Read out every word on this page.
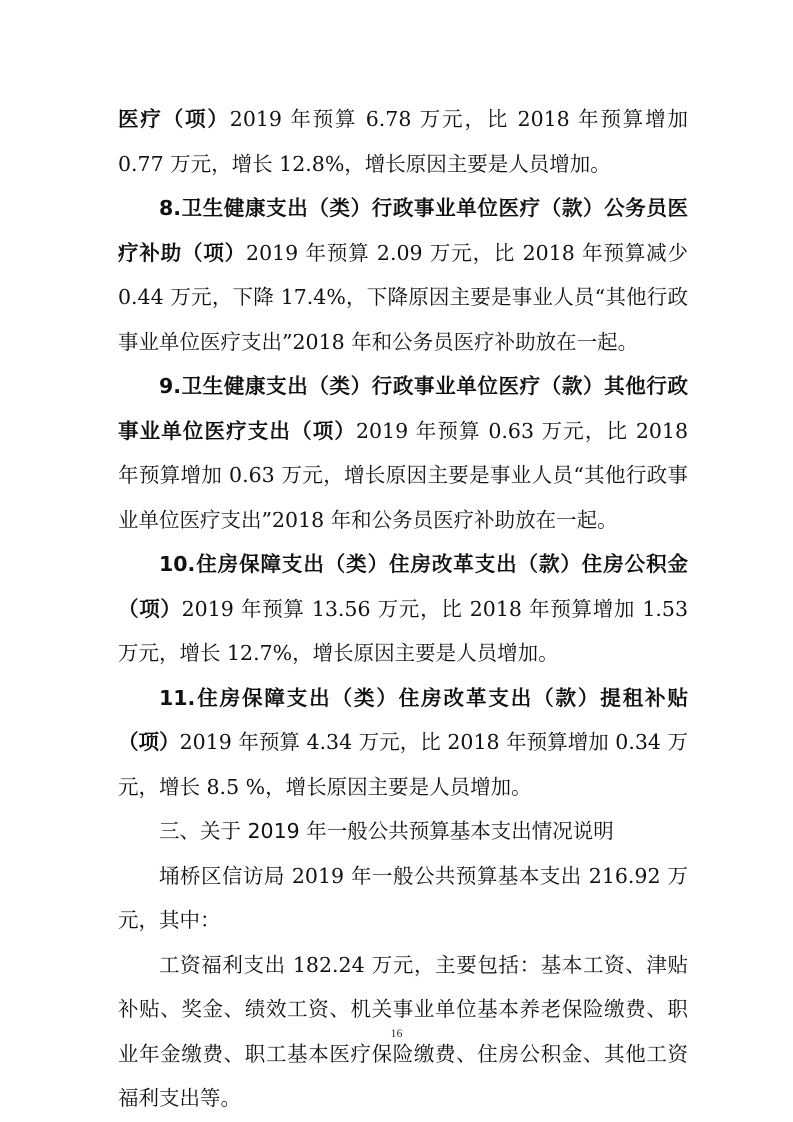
医疗（项）2019 年预算 6.78 万元，比 2018 年预算增加 0.77 万元，增长 12.8%，增长原因主要是人员增加。

8.卫生健康支出（类）行政事业单位医疗（款）公务员医疗补助（项）2019 年预算 2.09 万元，比 2018 年预算减少 0.44 万元，下降 17.4%，下降原因主要是事业人员“其他行政事业单位医疗支出”2018 年和公务员医疗补助放在一起。

9.卫生健康支出（类）行政事业单位医疗（款）其他行政事业单位医疗支出（项）2019 年预算 0.63 万元，比 2018 年预算增加 0.63 万元，增长原因主要是事业人员“其他行政事业单位医疗支出”2018 年和公务员医疗补助放在一起。

10.住房保障支出（类）住房改革支出（款）住房公积金（项）2019 年预算 13.56 万元，比 2018 年预算增加 1.53 万元，增长 12.7%，增长原因主要是人员增加。

11.住房保障支出（类）住房改革支出（款）提租补贴（项）2019 年预算 4.34 万元，比 2018 年预算增加 0.34 万元，增长 8.5 %，增长原因主要是人员增加。

三、关于 2019 年一般公共预算基本支出情况说明

埇桥区信访局 2019 年一般公共预算基本支出 216.92 万元，其中：

工资福利支出 182.24 万元，主要包括：基本工资、津贴补贴、奖金、绩效工资、机关事业单位基本养老保险缴费、职业年金缴费、职工基本医疗保险缴费、住房公积金、其他工资福利支出等。

16
